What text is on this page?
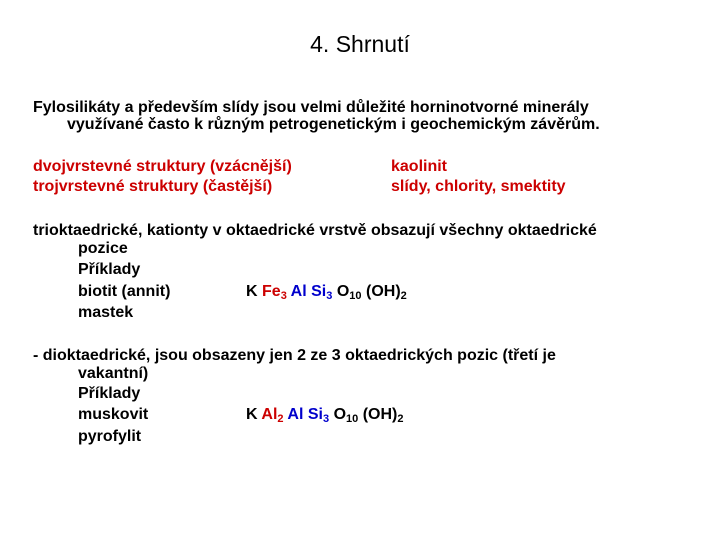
4. Shrnutí
Fylosilikáty a především slídy jsou velmi důležité horninotvorné minerály
využívané často k různým petrogenetickým i geochemickým závěrům.
dvojvrstevné struktury (vzácnější)
trojvrstevné struktury (častější)
kaolinit
slídy, chlority, smektity
trioktaedrické, kationty v oktaedrické vrstvě obsazují všechny oktaedrické
pozice
Příklady
biotit (annit)
mastek
K $Fe_3$ Al $Si_3$ $O_{10}$ $(OH)_2$
- dioktaedrické, jsou obsazeny jen 2 ze 3 oktaedrických pozic (třetí je
vakantní)
Příklady
muskovit
pyrofylit
K $Al_2$ Al $Si_3$ $O_{10}$ $(OH)_2$
